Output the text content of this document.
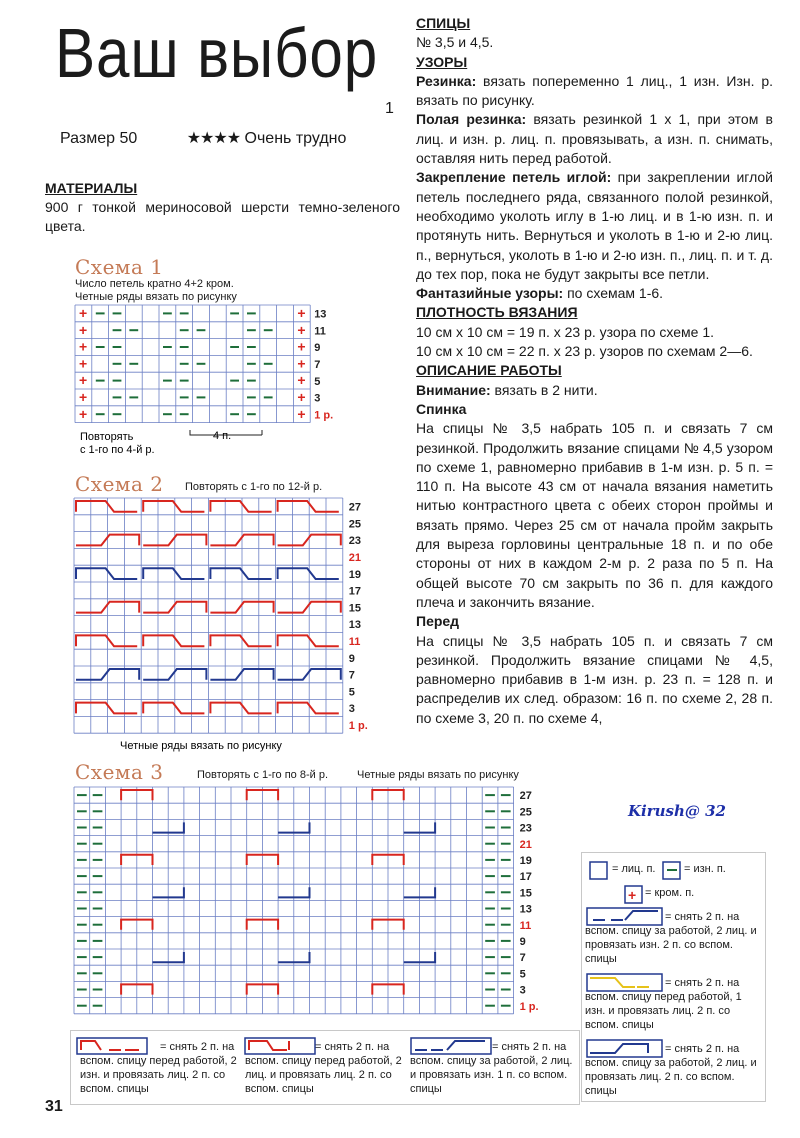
Ваш выбор
1
Размер 50	★★★★ Очень трудно
МАТЕРИАЛЫ
900 г тонкой мериносовой шерсти темно-зеленого цвета.
Схема 1
Число петель кратно 4+2 кром.
Четные ряды вязать по рисунку
+	+
+	+
+	+
+	+
+	+
+	+
+	+
13
11
9
7
5
3
1 р.
4 п.
Повторять
с 1-го по 4-й р.
Схема 2 Повторять с 1-го по 12-й р.
27
25
23
21
19
17
15
13
11
9
7
5
3
1 р.
Четные ряды вязать по рисунку
Схема 3	Повторять с 1-го по 8-й р.	Четные ряды вязать по рисунку
27
25
23
21
19
17
15
13
11
9
7
5
3
1 р.
Kirush@ 32
+
= лиц. п.	= изн. п.
= кром. п.
= снять 2 п. на вспом. спицу за работой, 2 лиц. и провязать изн. 2 п. со вспом. спицы
= снять 2 п. на вспом. спицу перед работой, 1 изн. и провязать лиц. 2 п. со вспом. спицы
= снять 2 п. на вспом. спицу за работой, 2 лиц. и провязать лиц. 2 п. со вспом. спицы
= снять 2 п. на вспом. спицу перед работой, 2 изн. и провязать лиц. 2 п. со вспом. спицы
= снять 2 п. на вспом. спицу перед работой, 2 лиц. и провязать лиц. 2 п. со вспом. спицы
= снять 2 п. на вспом. спицу за работой, 2 лиц. и провязать изн. 1 п. со вспом. спицы
31

СПИЦЫ

№ 3,5 и 4,5.

УЗОРЫ

Резинка: вязать попеременно 1 лиц., 1 изн. Изн. р. вязать по рисунку.

Полая резинка: вязать резинкой 1 х 1, при этом в лиц. и изн. р. лиц. п. провязывать, а изн. п. снимать, оставляя нить перед работой.

Закрепление петель иглой: при закреплении иглой петель последнего ряда, связанного полой резинкой, необходимо уколоть иглу в 1-ю лиц. и в 1-ю изн. п. и протянуть нить. Вернуться и уколоть в 1-ю и 2-ю лиц. п., вернуться, уколоть в 1-ю и 2-ю изн. п., лиц. п. и т. д. до тех пор, пока не будут закрыты все петли.

Фантазийные узоры: по схемам 1-6.

ПЛОТНОСТЬ ВЯЗАНИЯ

10 см х 10 см = 19 п. х 23 р. узора по схеме 1.

10 см х 10 см = 22 п. х 23 р. узоров по схемам 2—6.

ОПИСАНИЕ РАБОТЫ

Внимание: вязать в 2 нити.

Спинка

На спицы № 3,5 набрать 105 п. и связать 7 см резинкой. Продолжить вязание спицами № 4,5 узором по схеме 1, равномерно прибавив в 1-м изн. р. 5 п. = 110 п. На высоте 43 см от начала вязания наметить нитью контрастного цвета с обеих сторон проймы и вязать прямо. Через 25 см от начала пройм закрыть для выреза горловины центральные 18 п. и по обе стороны от них в каждом 2-м р. 2 раза по 5 п. На общей высоте 70 см закрыть по 36 п. для каждого плеча и закончить вязание.

Перед

На спицы № 3,5 набрать 105 п. и связать 7 см резинкой. Продолжить вязание спицами № 4,5, равномерно прибавив в 1-м изн. р. 23 п. = 128 п. и распределив их след. образом: 16 п. по схеме 2, 28 п. по схеме 3, 20 п. по схеме 4,
